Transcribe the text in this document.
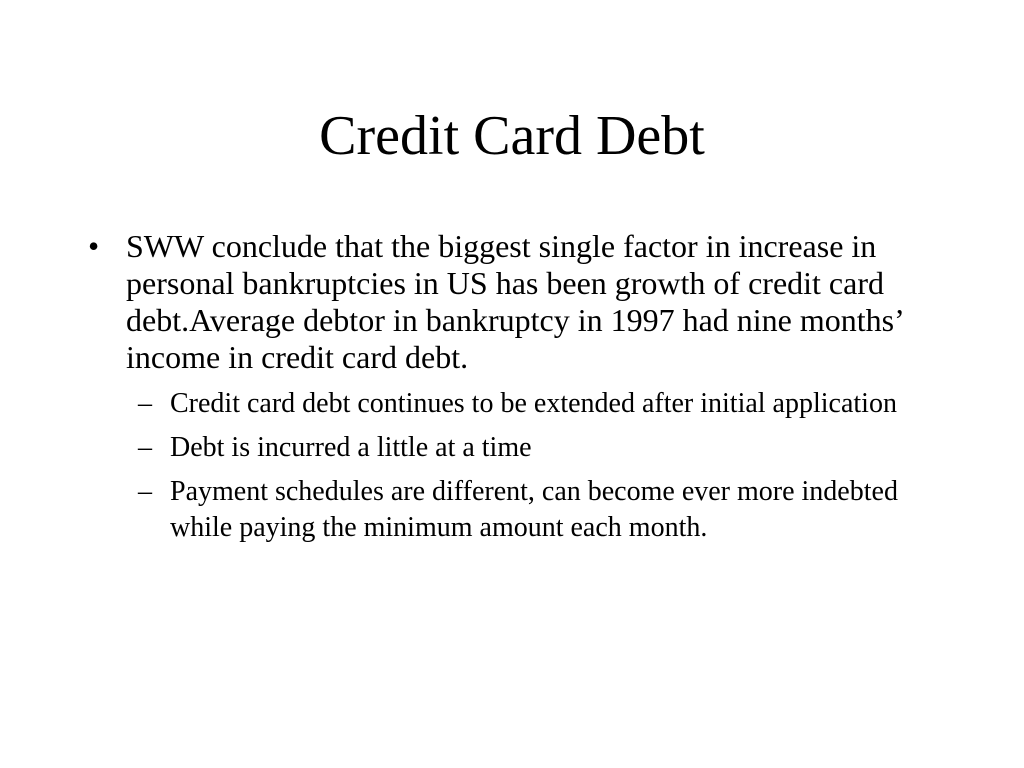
Credit Card Debt
• SWW conclude that the biggest single factor in increase in personal bankruptcies in US has been growth of credit card debt.Average debtor in bankruptcy in 1997 had nine months’ income in credit card debt.
– Credit card debt continues to be extended after initial application
– Debt is incurred a little at a time
– Payment schedules are different, can become ever more indebted while paying the minimum amount each month.
